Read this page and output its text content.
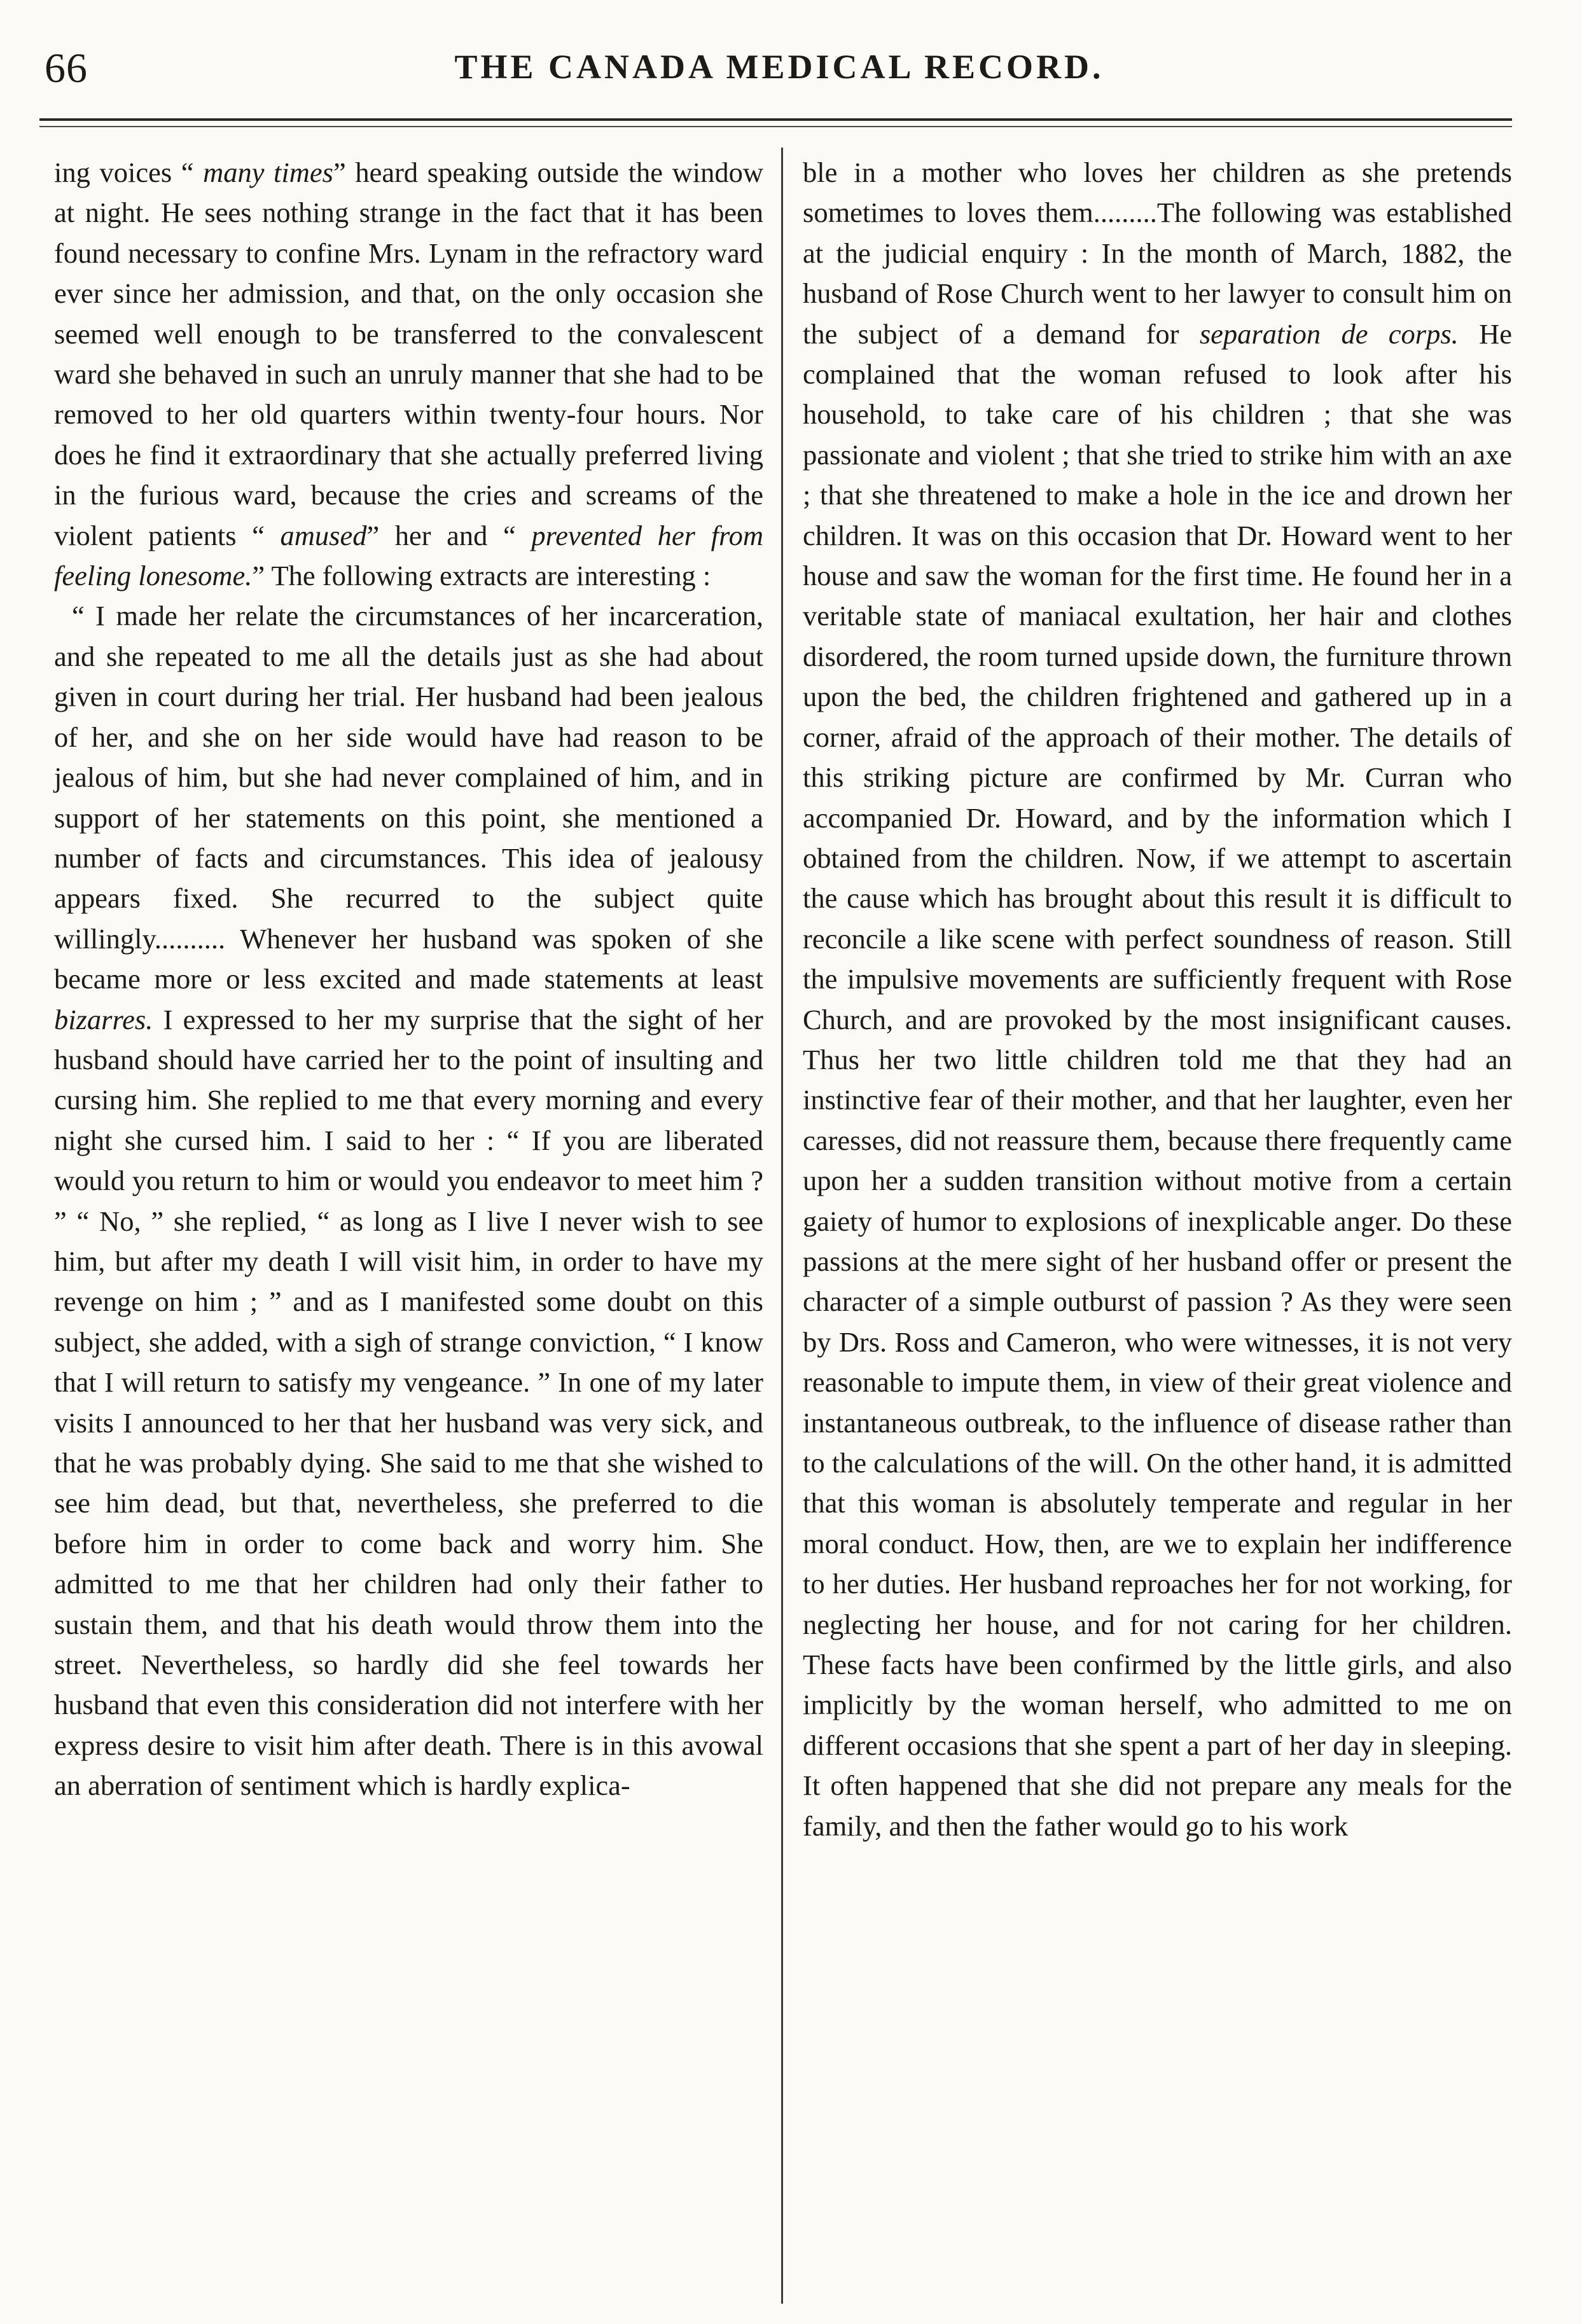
66	THE CANADA MEDICAL RECORD.

ing voices “ many times” heard speaking outside the window at night. He sees nothing strange in the fact that it has been found necessary to confine Mrs. Lynam in the refractory ward ever since her admission, and that, on the only occasion she seemed well enough to be transferred to the convalescent ward she behaved in such an unruly manner that she had to be removed to her old quarters within twenty-four hours. Nor does he find it extraordinary that she actually preferred living in the furious ward, because the cries and screams of the violent patients “ amused” her and “ prevented her from feeling lonesome.” The following extracts are interesting :

“ I made her relate the circumstances of her incarceration, and she repeated to me all the details just as she had about given in court during her trial. Her husband had been jealous of her, and she on her side would have had reason to be jealous of him, but she had never complained of him, and in support of her statements on this point, she mentioned a number of facts and circumstances. This idea of jealousy appears fixed. She recurred to the subject quite willingly.......... Whenever her husband was spoken of she became more or less excited and made statements at least bizarres. I expressed to her my surprise that the sight of her husband should have carried her to the point of insulting and cursing him. She replied to me that every morning and every night she cursed him. I said to her : “ If you are liberated would you return to him or would you endeavor to meet him ? ” “ No, ” she replied, “ as long as I live I never wish to see him, but after my death I will visit him, in order to have my revenge on him ; ” and as I manifested some doubt on this subject, she added, with a sigh of strange conviction, “ I know that I will return to satisfy my vengeance. ” In one of my later visits I announced to her that her husband was very sick, and that he was probably dying. She said to me that she wished to see him dead, but that, nevertheless, she preferred to die before him in order to come back and worry him. She admitted to me that her children had only their father to sustain them, and that his death would throw them into the street. Nevertheless, so hardly did she feel towards her husband that even this consideration did not interfere with her express desire to visit him after death. There is in this avowal an aberration of sentiment which is hardly explica-

ble in a mother who loves her children as she pretends sometimes to loves them.........The following was established at the judicial enquiry : In the month of March, 1882, the husband of Rose Church went to her lawyer to consult him on the subject of a demand for separation de corps. He complained that the woman refused to look after his household, to take care of his children ; that she was passionate and violent ; that she tried to strike him with an axe ; that she threatened to make a hole in the ice and drown her children. It was on this occasion that Dr. Howard went to her house and saw the woman for the first time. He found her in a veritable state of maniacal exultation, her hair and clothes disordered, the room turned upside down, the furniture thrown upon the bed, the children frightened and gathered up in a corner, afraid of the approach of their mother. The details of this striking picture are confirmed by Mr. Curran who accompanied Dr. Howard, and by the information which I obtained from the children. Now, if we attempt to ascertain the cause which has brought about this result it is difficult to reconcile a like scene with perfect soundness of reason. Still the impulsive movements are sufficiently frequent with Rose Church, and are provoked by the most insignificant causes. Thus her two little children told me that they had an instinctive fear of their mother, and that her laughter, even her caresses, did not reassure them, because there frequently came upon her a sudden transition without motive from a certain gaiety of humor to explosions of inexplicable anger. Do these passions at the mere sight of her husband offer or present the character of a simple outburst of passion ? As they were seen by Drs. Ross and Cameron, who were witnesses, it is not very reasonable to impute them, in view of their great violence and instantaneous outbreak, to the influence of disease rather than to the calculations of the will. On the other hand, it is admitted that this woman is absolutely temperate and regular in her moral conduct. How, then, are we to explain her indifference to her duties. Her husband reproaches her for not working, for neglecting her house, and for not caring for her children. These facts have been confirmed by the little girls, and also implicitly by the woman herself, who admitted to me on different occasions that she spent a part of her day in sleeping. It often happened that she did not prepare any meals for the family, and then the father would go to his work
